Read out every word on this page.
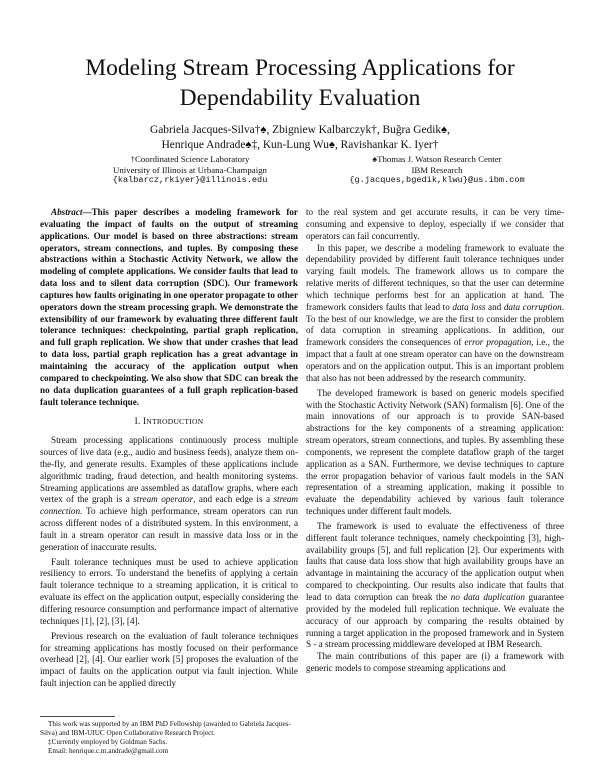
Modeling Stream Processing Applications for
Dependability Evaluation
Gabriela Jacques-Silva†♠, Zbigniew Kalbarczyk†, Buğra Gedik♠,
Henrique Andrade♠‡, Kun-Lung Wu♠, Ravishankar K. Iyer†
†Coordinated Science Laboratory
University of Illinois at Urbana-Champaign
{kalbarcz,rkiyer}@illinois.edu
♠Thomas J. Watson Research Center
IBM Research
{g.jacques,bgedik,klwu}@us.ibm.com

Abstract—This paper describes a modeling framework for evaluating the impact of faults on the output of streaming applications. Our model is based on three abstractions: stream operators, stream connections, and tuples. By composing these abstractions within a Stochastic Activity Network, we allow the modeling of complete applications. We consider faults that lead to data loss and to silent data corruption (SDC). Our framework captures how faults originating in one operator propagate to other operators down the stream processing graph. We demonstrate the extensibility of our framework by evaluating three different fault tolerance techniques: checkpointing, partial graph replication, and full graph replication. We show that under crashes that lead to data loss, partial graph replication has a great advantage in maintaining the accuracy of the application output when compared to checkpointing. We also show that SDC can break the no data duplication guarantees of a full graph replication-based fault tolerance technique.

I. INTRODUCTION

Stream processing applications continuously process multiple sources of live data (e.g., audio and business feeds), analyze them on-the-fly, and generate results. Examples of these applications include algorithmic trading, fraud detection, and health monitoring systems. Streaming applications are assembled as dataflow graphs, where each vertex of the graph is a stream operator, and each edge is a stream connection. To achieve high performance, stream operators can run across different nodes of a distributed system. In this environment, a fault in a stream operator can result in massive data loss or in the generation of inaccurate results.

Fault tolerance techniques must be used to achieve application resiliency to errors. To understand the benefits of applying a certain fault tolerance technique to a streaming application, it is critical to evaluate its effect on the application output, especially considering the differing resource consumption and performance impact of alternative techniques [1], [2], [3], [4].

Previous research on the evaluation of fault tolerance techniques for streaming applications has mostly focused on their performance overhead [2], [4]. Our earlier work [5] proposes the evaluation of the impact of faults on the application output via fault injection. While fault injection can be applied directly

This work was supported by an IBM PhD Fellowship (awarded to Gabriela Jacques-Silva) and IBM-UIUC Open Collaborative Research Project.

‡Currently employed by Goldman Sachs.

Email: henrique.c.m.andrade@gmail.com

to the real system and get accurate results, it can be very time-consuming and expensive to deploy, especially if we consider that operators can fail concurrently.

In this paper, we describe a modeling framework to evaluate the dependability provided by different fault tolerance techniques under varying fault models. The framework allows us to compare the relative merits of different techniques, so that the user can determine which technique performs best for an application at hand. The framework considers faults that lead to data loss and data corruption. To the best of our knowledge, we are the first to consider the problem of data corruption in streaming applications. In addition, our framework considers the consequences of error propagation, i.e., the impact that a fault at one stream operator can have on the downstream operators and on the application output. This is an important problem that also has not been addressed by the research community.

The developed framework is based on generic models specified with the Stochastic Activity Network (SAN) formalism [6]. One of the main innovations of our approach is to provide SAN-based abstractions for the key components of a streaming application: stream operators, stream connections, and tuples. By assembling these components, we represent the complete dataflow graph of the target application as a SAN. Furthermore, we devise techniques to capture the error propagation behavior of various fault models in the SAN representation of a streaming application, making it possible to evaluate the dependability achieved by various fault tolerance techniques under different fault models.

The framework is used to evaluate the effectiveness of three different fault tolerance techniques, namely checkpointing [3], high-availability groups [5], and full replication [2]. Our experiments with faults that cause data loss show that high availability groups have an advantage in maintaining the accuracy of the application output when compared to checkpointing. Our results also indicate that faults that lead to data corruption can break the no data duplication guarantee provided by the modeled full replication technique. We evaluate the accuracy of our approach by comparing the results obtained by running a target application in the proposed framework and in System S - a stream processing middleware developed at IBM Research.

The main contributions of this paper are (i) a framework with generic models to compose streaming applications and
